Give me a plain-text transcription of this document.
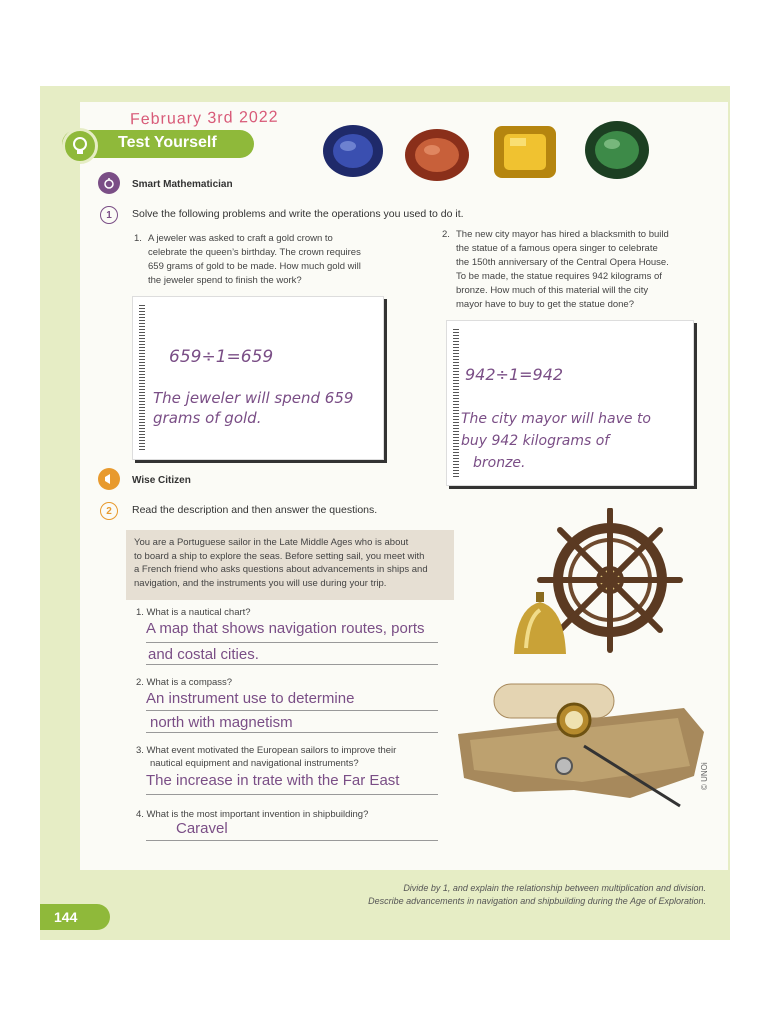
February 3rd 2022
Test Yourself
Smart Mathematician
1	Solve the following problems and write the operations you used to do it.
1. A jeweler was asked to craft a gold crown to
celebrate the queen’s birthday. The crown requires
659 grams of gold to be made. How much gold will
the jeweler spend to finish the work?
659÷1=659
The jeweler will spend 659
grams of gold.
2. The new city mayor has hired a blacksmith to build
the statue of a famous opera singer to celebrate
the 150th anniversary of the Central Opera House.
To be made, the statue requires 942 kilograms of
bronze. How much of this material will the city
mayor have to buy to get the statue done?
942÷1=942
The city mayor will have to
buy 942 kilograms of
bronze.
Wise Citizen
2	Read the description and then answer the questions.
You are a Portuguese sailor in the Late Middle Ages who is about
to board a ship to explore the seas. Before setting sail, you meet with
a French friend who asks questions about advancements in ships and
navigation, and the instruments you will use during your trip.
1. What is a nautical chart?
A map that shows navigation routes, ports
and costal cities.
2. What is a compass?
An instrument use to determine
north with magnetism
3. What event motivated the European sailors to improve their
nautical equipment and navigational instruments?
The increase in trate with the Far East
4. What is the most important invention in shipbuilding?
Caravel
© UNOi
Divide by 1, and explain the relationship between multiplication and division.
Describe advancements in navigation and shipbuilding during the Age of Exploration.
144
